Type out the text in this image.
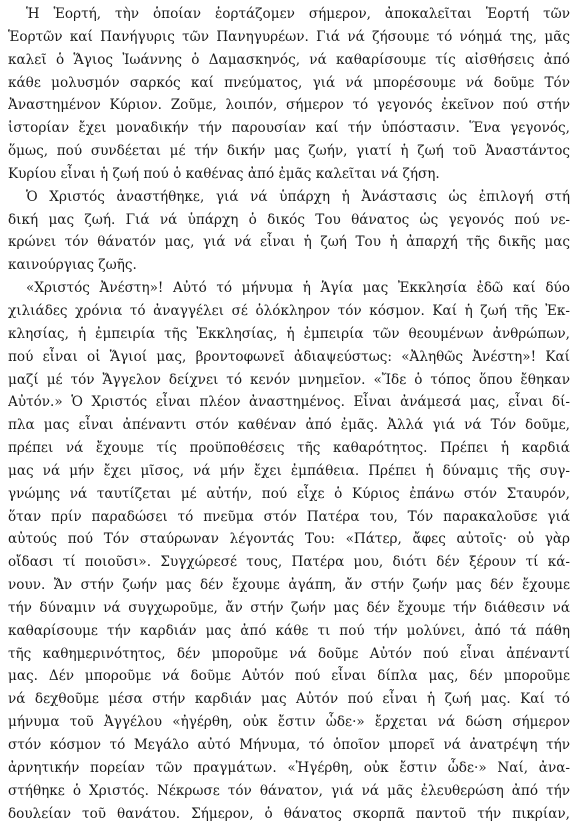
Ἡ Ἑορτή, τὴν ὁποίαν ἑορτάζομεν σήμερον, ἀποκαλεῖται Ἑορτή τῶν
Ἑορτῶν καί Πανήγυρις τῶν Πανηγυρέων. Γιά νά ζήσουμε τό νόημά της, μᾶς
καλεῖ ὁ Ἅγιος Ἰωάννης ὁ Δαμασκηνός, νά καθαρίσουμε τίς αἰσθήσεις ἀπό
κάθε μολυσμόν σαρκός καί πνεύματος, γιά νά μπορέσουμε νά δοῦμε Τόν
Ἀναστημένον Κύριον. Ζοῦμε, λοιπόν, σήμερον τό γεγονός ἐκεῖνον πού στήν
ἱστορίαν ἔχει μοναδικήν τήν παρουσίαν καί τήν ὑπόστασιν. Ἕνα γεγονός,
ὅμως, πού συνδέεται μέ τήν δικήν μας ζωήν, γιατί ἡ ζωή τοῦ Ἀναστάντος
Κυρίου εἶναι ἡ ζωή πού ὁ καθένας ἀπό ἐμᾶς καλεῖται νά ζήση.
Ὁ Χριστός ἀναστήθηκε, γιά νά ὑπάρχη ἡ Ἀνάστασις ὡς ἐπιλογή στή
δική μας ζωή. Γιά νά ὑπάρχη ὁ δικός Του θάνατος ὡς γεγονός πού νε-
κρώνει τόν θάνατόν μας, γιά νά εἶναι ἡ ζωή Του ἡ ἀπαρχή τῆς δικῆς μας
καινούργιας ζωῆς.
«Χριστός Ἀνέστη»! Αὐτό τό μήνυμα ἡ Ἁγία μας Ἐκκλησία ἐδῶ καί δύο
χιλιάδες χρόνια τό ἀναγγέλει σέ ὁλόκληρον τόν κόσμον. Καί ἡ ζωή τῆς Ἐκ-
κλησίας, ἡ ἐμπειρία τῆς Ἐκκλησίας, ἡ ἐμπειρία τῶν θεουμένων ἀνθρώπων,
πού εἶναι οἱ Ἅγιοί μας, βροντοφωνεῖ ἀδιαψεύστως: «Ἀληθῶς Ἀνέστη»! Καί
μαζί μέ τόν Ἄγγελον δείχνει τό κενόν μνημεῖον. «Ἴδε ὁ τόπος ὅπου ἔθηκαν
Αὐτόν.» Ὁ Χριστός εἶναι πλέον ἀναστημένος. Εἶναι ἀνάμεσά μας, εἶναι δί-
πλα μας εἶναι ἀπέναντι στόν καθέναν ἀπό ἐμᾶς. Ἀλλά γιά νά Τόν δοῦμε,
πρέπει νά ἔχουμε τίς προϋποθέσεις τῆς καθαρότητος. Πρέπει ἡ καρδιά
μας νά μήν ἔχει μῖσος, νά μήν ἔχει ἐμπάθεια. Πρέπει ἡ δύναμις τῆς συγ-
γνώμης νά ταυτίζεται μέ αὐτήν, πού εἶχε ὁ Κύριος ἐπάνω στόν Σταυρόν,
ὅταν πρίν παραδώσει τό πνεῦμα στόν Πατέρα του, Τόν παρακαλοῦσε γιά
αὐτούς πού Τόν σταύρωναν λέγοντάς Του: «Πάτερ, ἄφες αὐτοῖς· οὐ γὰρ
οἴδασι τί ποιοῦσι». Συγχώρεσέ τους, Πατέρα μου, διότι δέν ξέρουν τί κά-
νουν. Ἄν στήν ζωήν μας δέν ἔχουμε ἀγάπη, ἄν στήν ζωήν μας δέν ἔχουμε
τήν δύναμιν νά συγχωροῦμε, ἄν στήν ζωήν μας δέν ἔχουμε τήν διάθεσιν νά
καθαρίσουμε τήν καρδιάν μας ἀπό κάθε τι πού τήν μολύνει, ἀπό τά πάθη
τῆς καθημερινότητος, δέν μποροῦμε νά δοῦμε Αὐτόν πού εἶναι ἀπέναντί
μας. Δέν μποροῦμε νά δοῦμε Αὐτόν πού εἶναι δίπλα μας, δέν μποροῦμε
νά δεχθοῦμε μέσα στήν καρδιάν μας Αὐτόν πού εἶναι ἡ ζωή μας. Καί τό
μήνυμα τοῦ Ἀγγέλου «ἠγέρθη, οὐκ ἔστιν ὧδε·» ἔρχεται νά δώση σήμερον
στόν κόσμον τό Μεγάλο αὐτό Μήνυμα, τό ὁποῖον μπορεῖ νά ἀνατρέψη τήν
ἀρνητικήν πορείαν τῶν πραγμάτων. «Ἠγέρθη, οὐκ ἔστιν ὧδε·» Ναί, ἀνα-
στήθηκε ὁ Χριστός. Νέκρωσε τόν θάνατον, γιά νά μᾶς ἐλευθερώση ἀπό τήν
δουλείαν τοῦ θανάτου. Σήμερον, ὁ θάνατος σκορπᾶ παντοῦ τήν πικρίαν,
